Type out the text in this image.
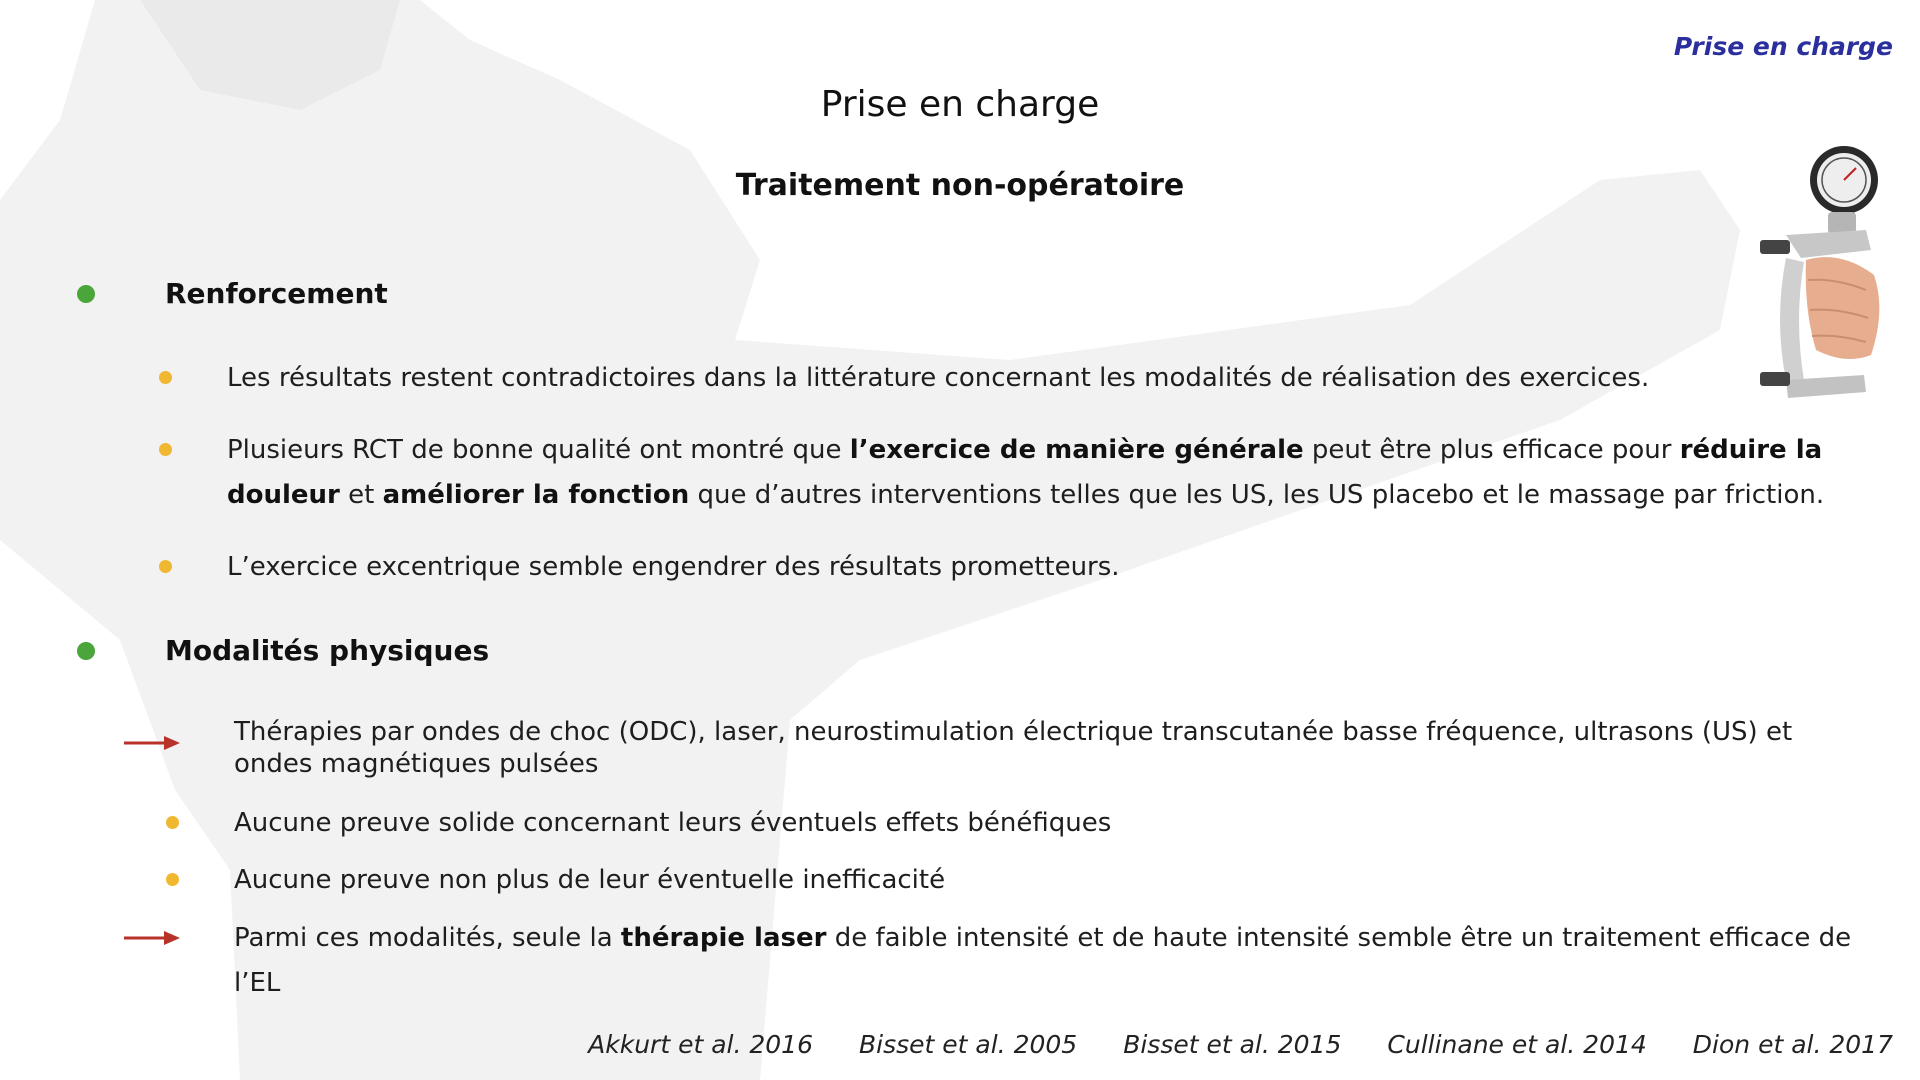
Prise en charge
Prise en charge
Traitement non-opératoire
Renforcement
Les résultats restent contradictoires dans la littérature concernant les modalités de réalisation des exercices.
Plusieurs RCT de bonne qualité ont montré que l’exercice de manière générale peut être plus efficace pour réduire la douleur et améliorer la fonction que d’autres interventions telles que les US, les US placebo et le massage par friction.
L’exercice excentrique semble engendrer des résultats prometteurs.
Modalités physiques
Thérapies par ondes de choc (ODC), laser, neurostimulation électrique transcutanée basse fréquence, ultrasons (US) et ondes magnétiques pulsées
Aucune preuve solide concernant leurs éventuels effets bénéfiques
Aucune preuve non plus de leur éventuelle inefficacité
Parmi ces modalités, seule la thérapie laser de faible intensité et de haute intensité semble être un traitement efficace de l’EL
Akkurt et al. 2016 Bisset et al. 2005 Bisset et al. 2015 Cullinane et al. 2014 Dion et al. 2017
